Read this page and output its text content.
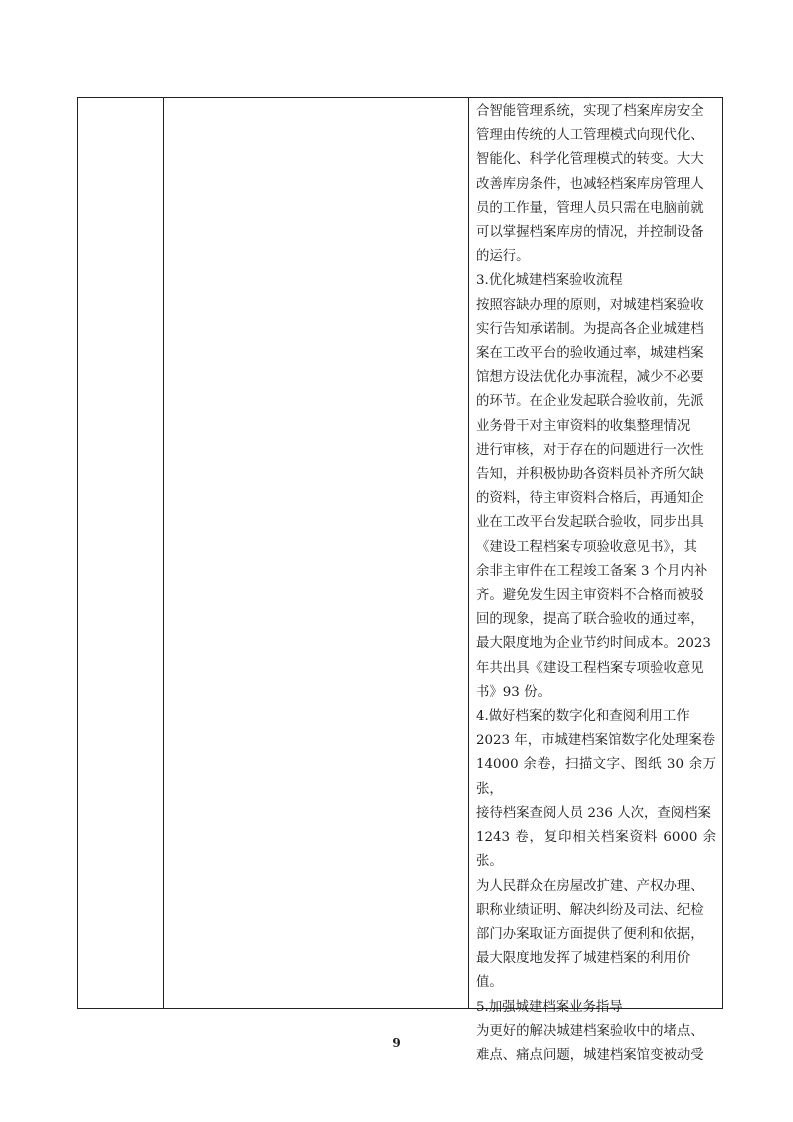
合智能管理系统，实现了档案库房安全

管理由传统的人工管理模式向现代化、

智能化、科学化管理模式的转变。大大

改善库房条件，也减轻档案库房管理人

员的工作量，管理人员只需在电脑前就

可以掌握档案库房的情况，并控制设备

的运行。

3.优化城建档案验收流程

按照容缺办理的原则，对城建档案验收

实行告知承诺制。为提高各企业城建档

案在工改平台的验收通过率，城建档案

馆想方设法优化办事流程，减少不必要

的环节。在企业发起联合验收前，先派

业务骨干对主审资料的收集整理情况

进行审核，对于存在的问题进行一次性

告知，并积极协助各资料员补齐所欠缺

的资料，待主审资料合格后，再通知企

业在工改平台发起联合验收，同步出具

《建设工程档案专项验收意见书》，其

余非主审件在工程竣工备案 3 个月内补

齐。避免发生因主审资料不合格而被驳

回的现象，提高了联合验收的通过率，

最大限度地为企业节约时间成本。2023

年共出具《建设工程档案专项验收意见

书》93 份。

4.做好档案的数字化和查阅利用工作

2023 年，市城建档案馆数字化处理案卷

14000 余卷，扫描文字、图纸 30 余万张，

接待档案查阅人员 236 人次，查阅档案

1243 卷，复印相关档案资料 6000 余张。

为人民群众在房屋改扩建、产权办理、

职称业绩证明、解决纠纷及司法、纪检

部门办案取证方面提供了便利和依据，

最大限度地发挥了城建档案的利用价

值。

5.加强城建档案业务指导

为更好的解决城建档案验收中的堵点、

难点、痛点问题，城建档案馆变被动受

9
